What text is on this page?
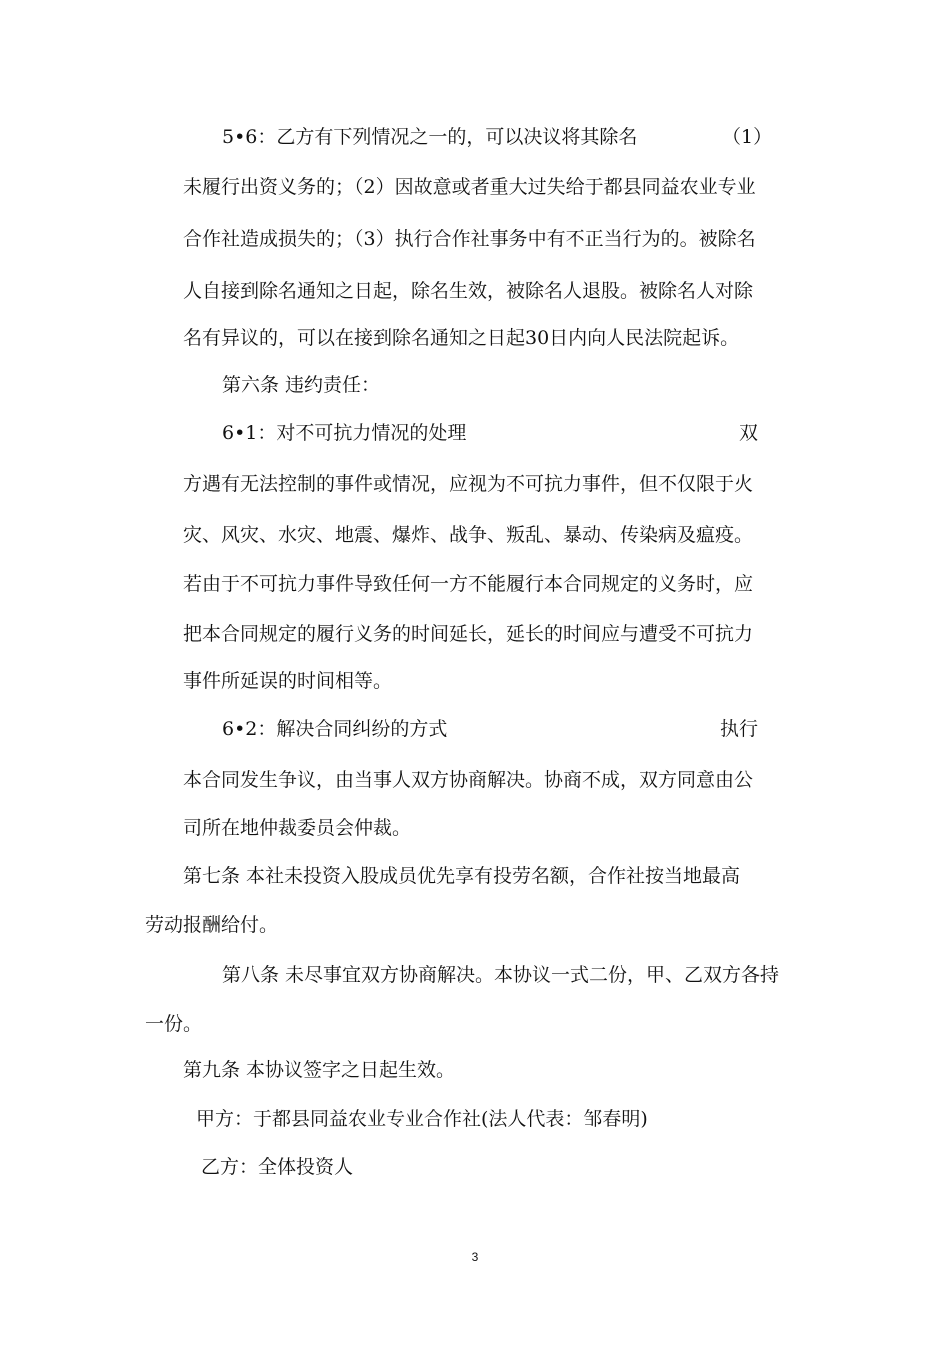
5•6：乙方有下列情况之一的，可以决议将其除名	（1）
未履行出资义务的；（2）因故意或者重大过失给于都县同益农业专业
合作社造成损失的；（3）执行合作社事务中有不正当行为的。被除名
人自接到除名通知之日起，除名生效，被除名人退股。被除名人对除
名有异议的，可以在接到除名通知之日起30日内向人民法院起诉。
第六条 违约责任：
6•1：对不可抗力情况的处理	双
方遇有无法控制的事件或情况，应视为不可抗力事件，但不仅限于火
灾、风灾、水灾、地震、爆炸、战争、叛乱、暴动、传染病及瘟疫。
若由于不可抗力事件导致任何一方不能履行本合同规定的义务时，应
把本合同规定的履行义务的时间延长，延长的时间应与遭受不可抗力
事件所延误的时间相等。
6•2：解决合同纠纷的方式	执行
本合同发生争议，由当事人双方协商解决。协商不成，双方同意由公
司所在地仲裁委员会仲裁。
第七条 本社未投资入股成员优先享有投劳名额，合作社按当地最高
劳动报酬给付。
第八条 未尽事宜双方协商解决。本协议一式二份，甲、乙双方各持
一份。
第九条 本协议签字之日起生效。
甲方：于都县同益农业专业合作社(法人代表：邹春明)
乙方：全体投资人
3
